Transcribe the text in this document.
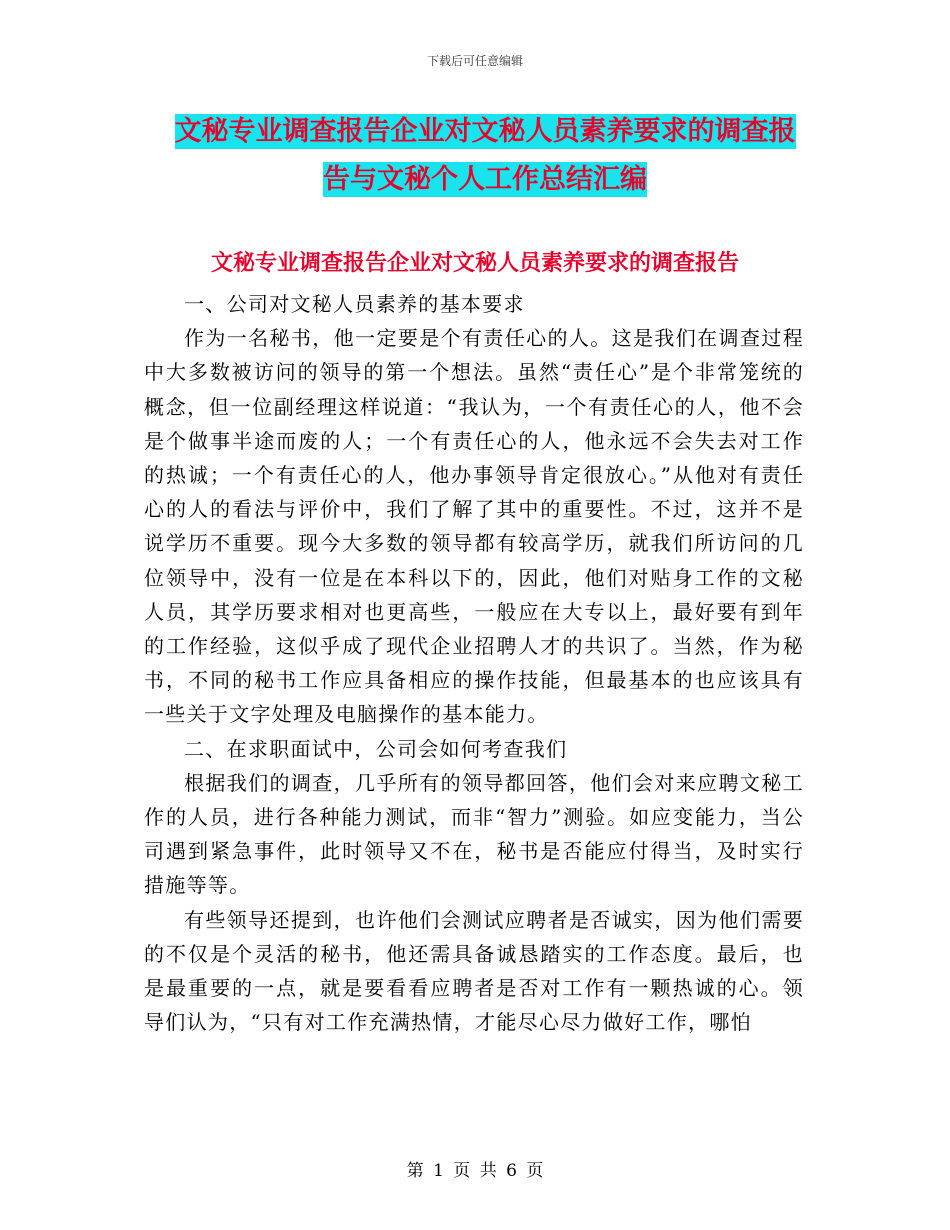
下载后可任意编辑
文秘专业调查报告企业对文秘人员素养要求的调查报
告与文秘个人工作总结汇编
文秘专业调查报告企业对文秘人员素养要求的调查报告

一、公司对文秘人员素养的基本要求

作为一名秘书，他一定要是个有责任心的人。这是我们在调查过程中大多数被访问的领导的第一个想法。虽然“责任心”是个非常笼统的概念，但一位副经理这样说道：“我认为，一个有责任心的人，他不会是个做事半途而废的人；一个有责任心的人，他永远不会失去对工作的热诚；一个有责任心的人，他办事领导肯定很放心。”从他对有责任心的人的看法与评价中，我们了解了其中的重要性。不过，这并不是说学历不重要。现今大多数的领导都有较高学历，就我们所访问的几位领导中，没有一位是在本科以下的，因此，他们对贴身工作的文秘人员，其学历要求相对也更高些，一般应在大专以上，最好要有到年的工作经验，这似乎成了现代企业招聘人才的共识了。当然，作为秘书，不同的秘书工作应具备相应的操作技能，但最基本的也应该具有一些关于文字处理及电脑操作的基本能力。

二、在求职面试中，公司会如何考查我们

根据我们的调查，几乎所有的领导都回答，他们会对来应聘文秘工作的人员，进行各种能力测试，而非“智力”测验。如应变能力，当公司遇到紧急事件，此时领导又不在，秘书是否能应付得当，及时实行措施等等。

有些领导还提到，也许他们会测试应聘者是否诚实，因为他们需要的不仅是个灵活的秘书，他还需具备诚恳踏实的工作态度。最后，也是最重要的一点，就是要看看应聘者是否对工作有一颗热诚的心。领导们认为，“只有对工作充满热情，才能尽心尽力做好工作，哪怕

第 1 页 共 6 页
